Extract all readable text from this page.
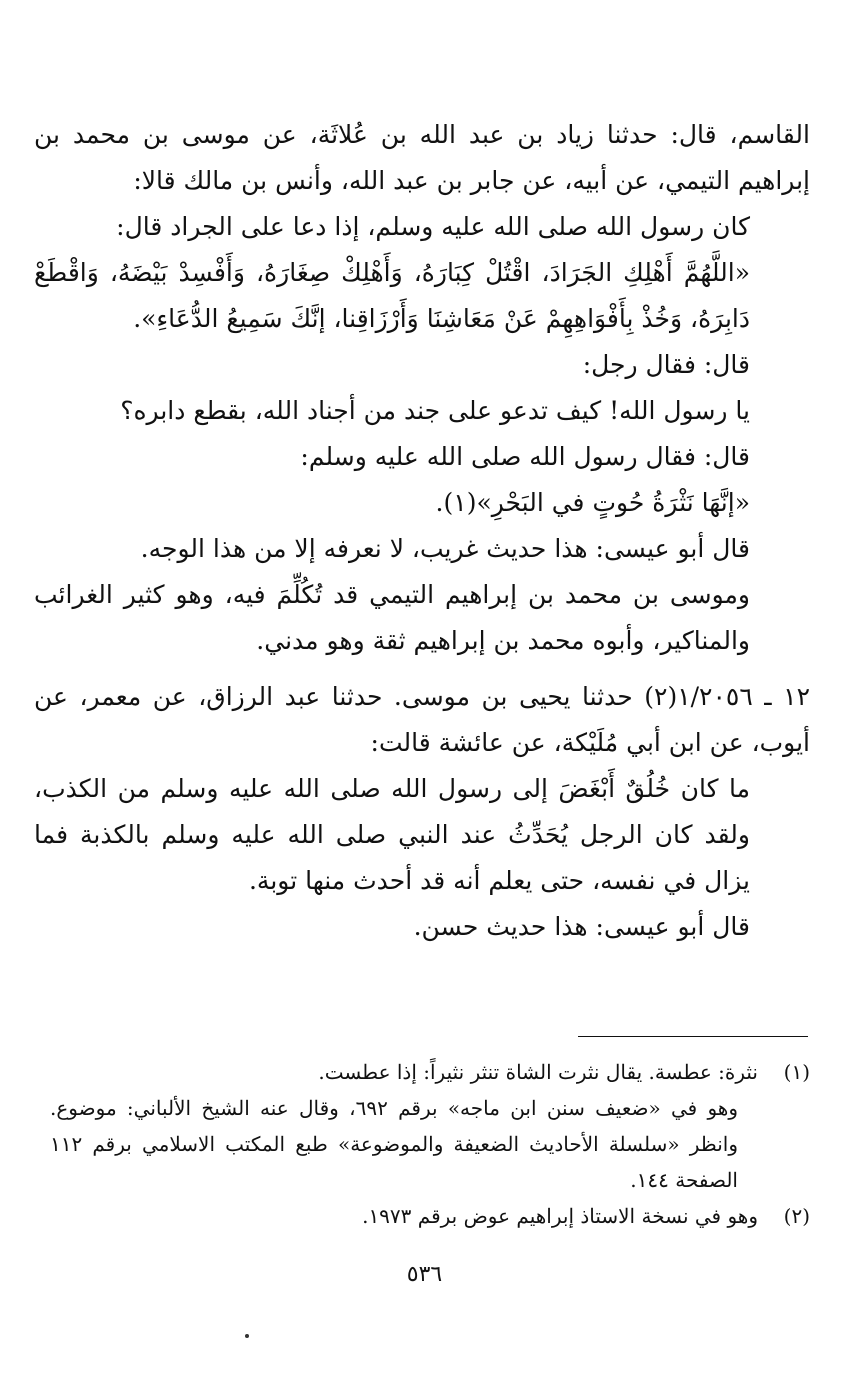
القاسم، قال: حدثنا زياد بن عبد الله بن عُلاثَة، عن موسى بن محمد بن إبراهيم التيمي، عن أبيه، عن جابر بن عبد الله، وأنس بن مالك قالا:

كان رسول الله صلى الله عليه وسلم، إذا دعا على الجراد قال:

«اللَّهُمَّ أَهْلِكِ الجَرَادَ، اقْتُلْ كِبَارَهُ، وَأَهْلِكْ صِغَارَهُ، وَأَفْسِدْ بَيْضَهُ، وَاقْطَعْ دَابِرَهُ، وَخُذْ بِأَفْوَاهِهِمْ عَنْ مَعَاشِنَا وَأَرْزَاقِنا، إنَّكَ سَمِيعُ الدُّعَاءِ».

قال: فقال رجل:

يا رسول الله! كيف تدعو على جند من أجناد الله، بقطع دابره؟

قال: فقال رسول الله صلى الله عليه وسلم:

«إنَّهَا نَثْرَةُ حُوتٍ في البَحْرِ»(١).

قال أبو عيسى: هذا حديث غريب، لا نعرفه إلا من هذا الوجه.

وموسى بن محمد بن إبراهيم التيمي قد تُكُلِّمَ فيه، وهو كثير الغرائب والمناكير، وأبوه محمد بن إبراهيم ثقة وهو مدني.

١٢ ـ ١/٢٠٥٦(٢) حدثنا يحيى بن موسى. حدثنا عبد الرزاق، عن معمر، عن أيوب، عن ابن أبي مُلَيْكة، عن عائشة قالت:

ما كان خُلُقٌ أَبْغَضَ إلى رسول الله صلى الله عليه وسلم من الكذب، ولقد كان الرجل يُحَدِّثُ عند النبي صلى الله عليه وسلم بالكذبة فما يزال في نفسه، حتى يعلم أنه قد أحدث منها توبة.

قال أبو عيسى: هذا حديث حسن.

(١)
نثرة: عطسة. يقال نثرت الشاة تنثر نثيراً: إذا عطست.

وهو في «ضعيف سنن ابن ماجه» برقم ٦٩٢، وقال عنه الشيخ الألباني: موضوع. وانظر «سلسلة الأحاديث الضعيفة والموضوعة» طبع المكتب الاسلامي برقم ١١٢ الصفحة ١٤٤.

(٢)
وهو في نسخة الاستاذ إبراهيم عوض برقم ١٩٧٣.

٥٣٦
